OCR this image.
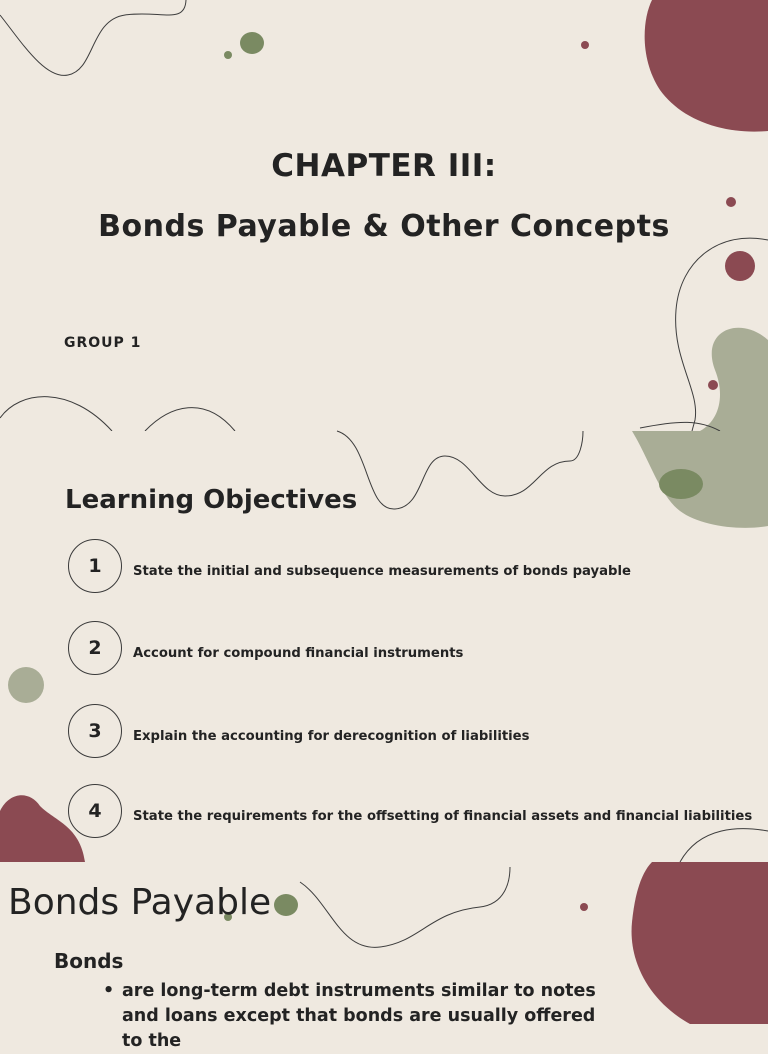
CHAPTER III:
Bonds Payable & Other Concepts
GROUP 1
Learning Objectives
1	State the initial and subsequence measurements of bonds payable
2	Account for compound financial instruments
3	Explain the accounting for derecognition of liabilities
4	State the requirements for the offsetting of financial assets and financial liabilities
Bonds Payable
Bonds
• are long-term debt instruments similar to notes and loans except that bonds are usually offered to the
